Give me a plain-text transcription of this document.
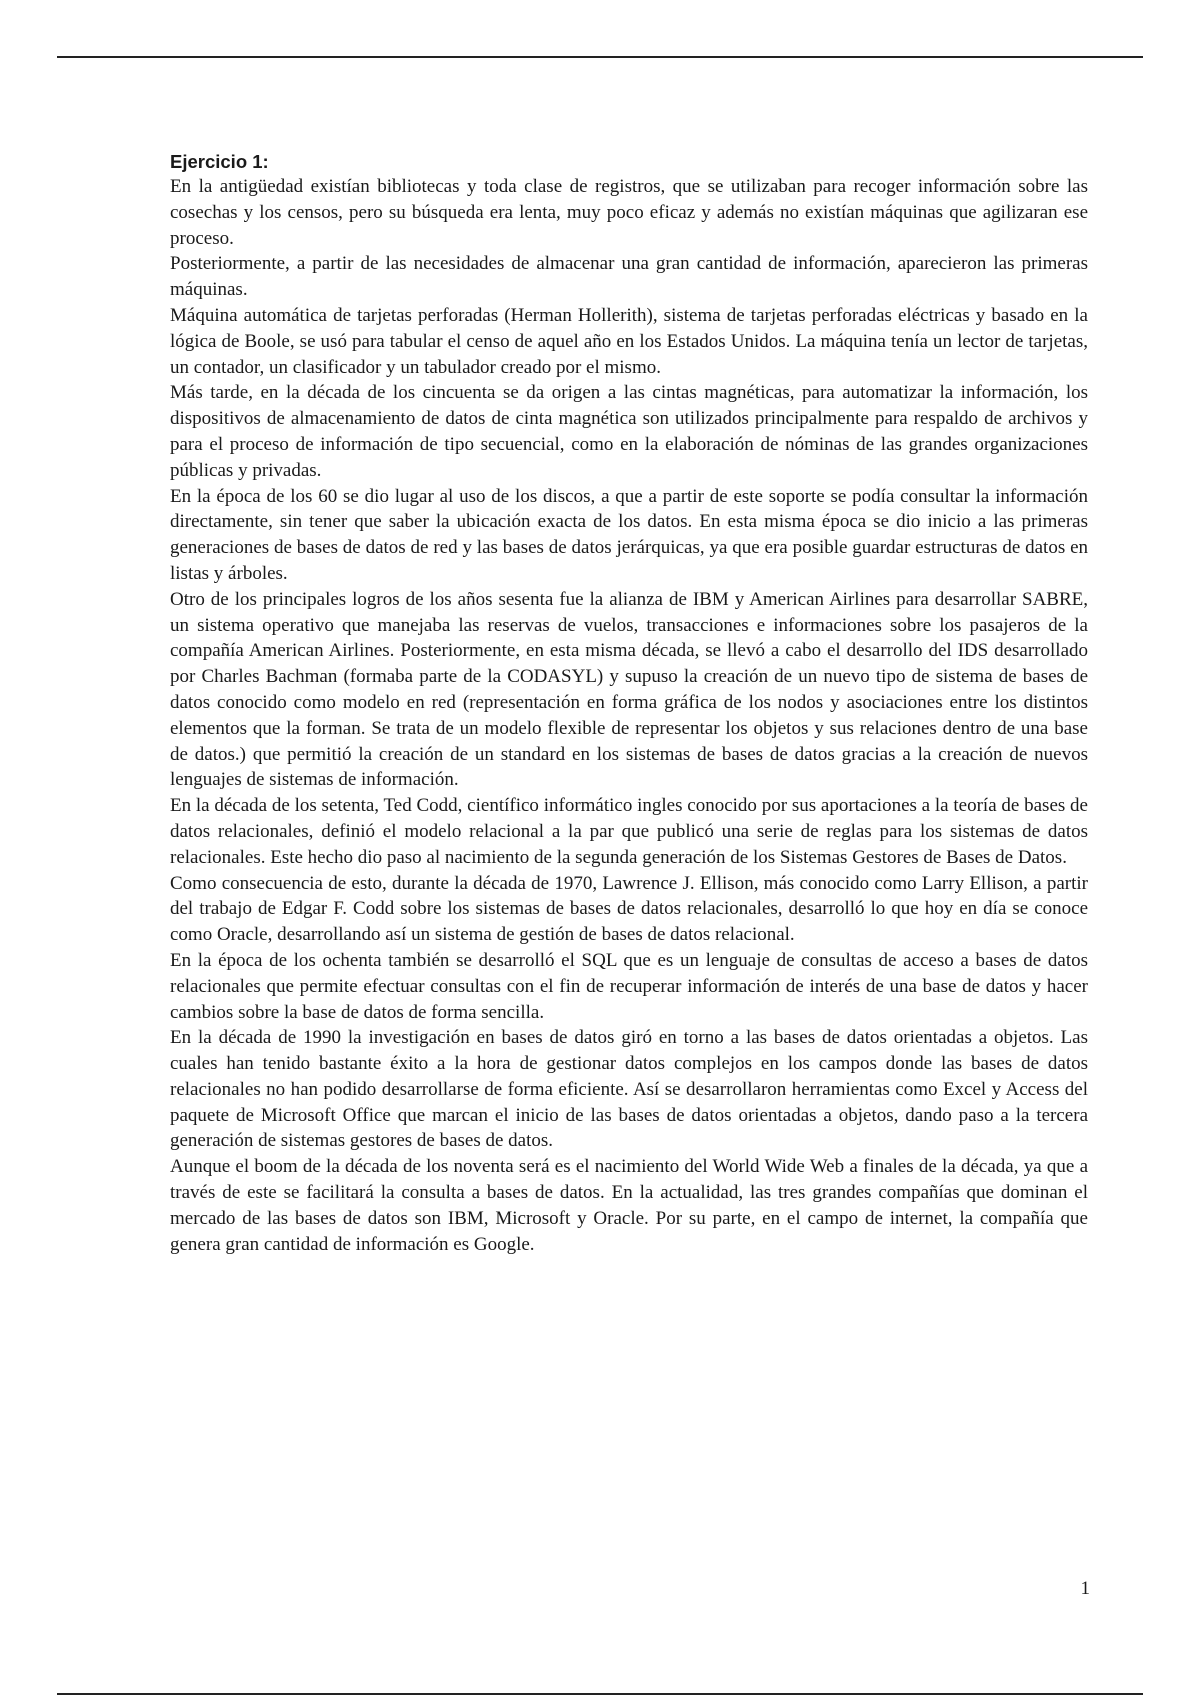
Ejercicio 1:

En la antigüedad existían bibliotecas y toda clase de registros, que se utilizaban para recoger información sobre las cosechas y los censos, pero su búsqueda era lenta, muy poco eficaz y además no existían máquinas que agilizaran ese proceso.

Posteriormente, a partir de las necesidades de almacenar una gran cantidad de información, aparecieron las primeras máquinas.

Máquina automática de tarjetas perforadas (Herman Hollerith), sistema de tarjetas perforadas eléctricas y basado en la lógica de Boole, se usó para tabular el censo de aquel año en los Estados Unidos. La máquina tenía un lector de tarjetas, un contador, un clasificador y un tabulador creado por el mismo.

Más tarde, en la década de los cincuenta se da origen a las cintas magnéticas, para automatizar la información, los dispositivos de almacenamiento de datos de cinta magnética son utilizados principalmente para respaldo de archivos y para el proceso de información de tipo secuencial, como en la elaboración de nóminas de las grandes organizaciones públicas y privadas.

En la época de los 60 se dio lugar al uso de los discos, a que a partir de este soporte se podía consultar la información directamente, sin tener que saber la ubicación exacta de los datos. En esta misma época se dio inicio a las primeras generaciones de bases de datos de red y las bases de datos jerárquicas, ya que era posible guardar estructuras de datos en listas y árboles.

Otro de los principales logros de los años sesenta fue la alianza de IBM y American Airlines para desarrollar SABRE, un sistema operativo que manejaba las reservas de vuelos, transacciones e informaciones sobre los pasajeros de la compañía American Airlines. Posteriormente, en esta misma década, se llevó a cabo el desarrollo del IDS desarrollado por Charles Bachman (formaba parte de la CODASYL) y supuso la creación de un nuevo tipo de sistema de bases de datos conocido como modelo en red (representación en forma gráfica de los nodos y asociaciones entre los distintos elementos que la forman. Se trata de un modelo flexible de representar los objetos y sus relaciones dentro de una base de datos.) que permitió la creación de un standard en los sistemas de bases de datos gracias a la creación de nuevos lenguajes de sistemas de información.

En la década de los setenta, Ted Codd, científico informático ingles conocido por sus aportaciones a la teoría de bases de datos relacionales, definió el modelo relacional a la par que publicó una serie de reglas para los sistemas de datos relacionales. Este hecho dio paso al nacimiento de la segunda generación de los Sistemas Gestores de Bases de Datos.

Como consecuencia de esto, durante la década de 1970, Lawrence J. Ellison, más conocido como Larry Ellison, a partir del trabajo de Edgar F. Codd sobre los sistemas de bases de datos relacionales, desarrolló lo que hoy en día se conoce como Oracle, desarrollando así un sistema de gestión de bases de datos relacional.

En la época de los ochenta también se desarrolló el SQL que es un lenguaje de consultas de acceso a bases de datos relacionales que permite efectuar consultas con el fin de recuperar información de interés de una base de datos y hacer cambios sobre la base de datos de forma sencilla.

En la década de 1990 la investigación en bases de datos giró en torno a las bases de datos orientadas a objetos. Las cuales han tenido bastante éxito a la hora de gestionar datos complejos en los campos donde las bases de datos relacionales no han podido desarrollarse de forma eficiente. Así se desarrollaron herramientas como Excel y Access del paquete de Microsoft Office que marcan el inicio de las bases de datos orientadas a objetos, dando paso a la tercera generación de sistemas gestores de bases de datos.

Aunque el boom de la década de los noventa será es el nacimiento del World Wide Web a finales de la década, ya que a través de este se facilitará la consulta a bases de datos. En la actualidad, las tres grandes compañías que dominan el mercado de las bases de datos son IBM, Microsoft y Oracle. Por su parte, en el campo de internet, la compañía que genera gran cantidad de información es Google.

1
